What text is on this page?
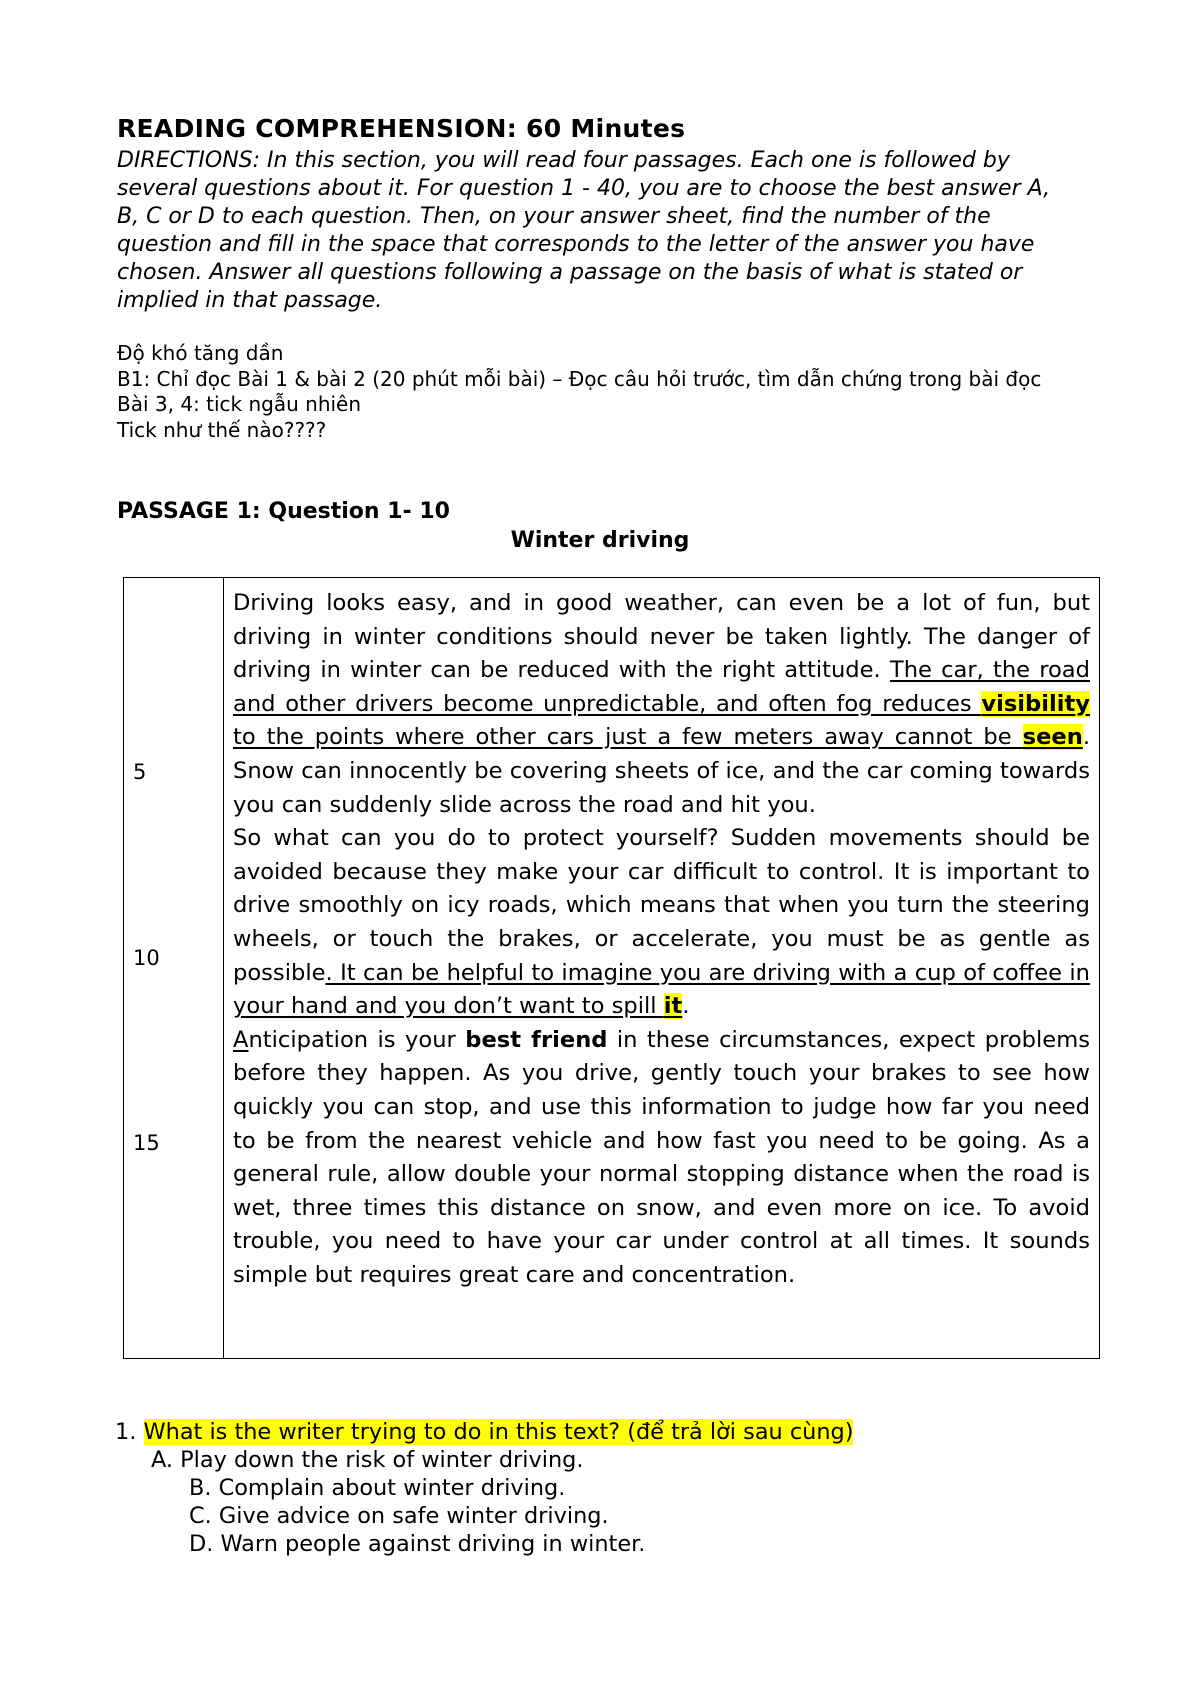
READING COMPREHENSION: 60 Minutes
DIRECTIONS: In this section, you will read four passages. Each one is followed by several questions about it. For question 1 - 40, you are to choose the best answer A, B, C or D to each question. Then, on your answer sheet, find the number of the question and fill in the space that corresponds to the letter of the answer you have chosen. Answer all questions following a passage on the basis of what is stated or implied in that passage.
Độ khó tăng dần
B1: Chỉ đọc Bài 1 & bài 2 (20 phút mỗi bài) – Đọc câu hỏi trước, tìm dẫn chứng trong bài đọc
Bài 3, 4: tick ngẫu nhiên
Tick như thế nào????
PASSAGE 1: Question 1- 10
Winter driving
5
10
15

Driving looks easy, and in good weather, can even be a lot of fun, but driving in winter conditions should never be taken lightly. The danger of driving in winter can be reduced with the right attitude. The car, the road and other drivers become unpredictable, and often fog reduces visibility to the points where other cars just a few meters away cannot be seen. Snow can innocently be covering sheets of ice, and the car coming towards you can suddenly slide across the road and hit you.

So what can you do to protect yourself? Sudden movements should be avoided because they make your car difficult to control. It is important to drive smoothly on icy roads, which means that when you turn the steering wheels, or touch the brakes, or accelerate, you must be as gentle as possible. It can be helpful to imagine you are driving with a cup of coffee in your hand and you don’t want to spill it.

Anticipation is your best friend in these circumstances, expect problems before they happen. As you drive, gently touch your brakes to see how quickly you can stop, and use this information to judge how far you need to be from the nearest vehicle and how fast you need to be going. As a general rule, allow double your normal stopping distance when the road is wet, three times this distance on snow, and even more on ice. To avoid trouble, you need to have your car under control at all times. It sounds simple but requires great care and concentration.

1. What is the writer trying to do in this text? (để trả lời sau cùng)
A. Play down the risk of winter driving.
B. Complain about winter driving.
C. Give advice on safe winter driving.
D. Warn people against driving in winter.
